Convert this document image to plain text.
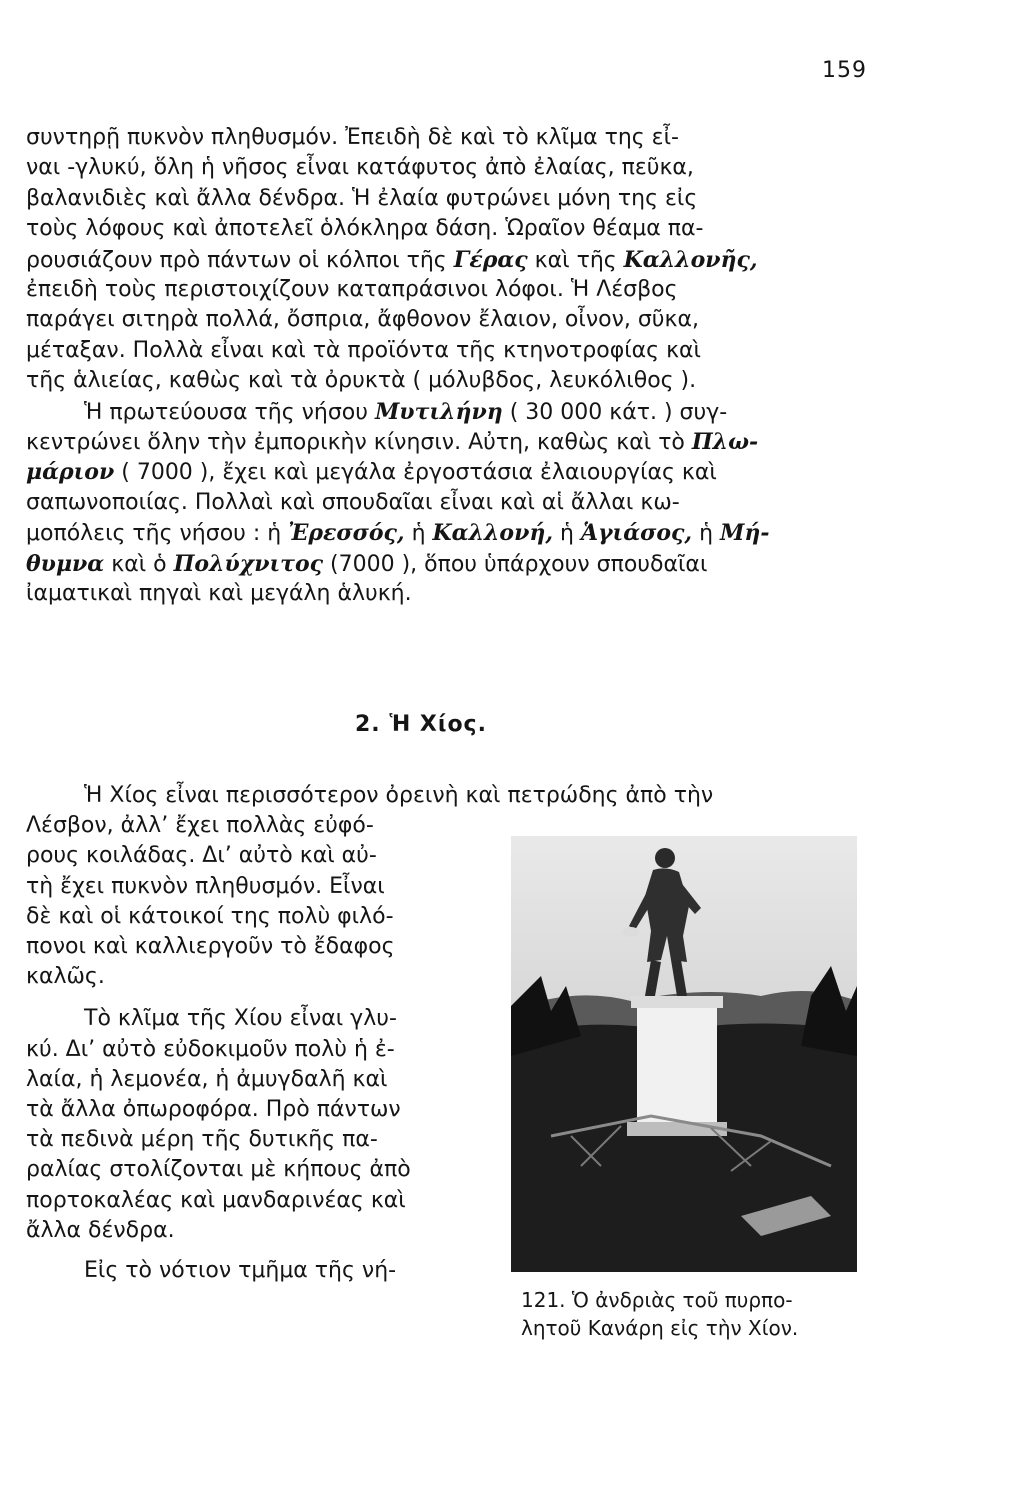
159
συντηρῇ πυκνὸν πληθυσμόν. Ἐπειδὴ δὲ καὶ τὸ κλῖμα της εἶ-
ναι -γλυκύ, ὅλη ἡ νῆσος εἶναι κατάφυτος ἀπὸ ἐλαίας, πεῦκα,
βαλανιδιὲς καὶ ἄλλα δένδρα. Ἡ ἐλαία φυτρώνει μόνη της εἰς
τοὺς λόφους καὶ ἀποτελεῖ ὁλόκληρα δάση. Ὡραῖον θέαμα πα-
ρουσιάζουν πρὸ πάντων οἱ κόλποι τῆς Γέρας καὶ τῆς Καλλονῆς,
ἐπειδὴ τοὺς περιστοιχίζουν καταπράσινοι λόφοι. Ἡ Λέσβος
παράγει σιτηρὰ πολλά, ὄσπρια, ἄφθονον ἔλαιον, οἶνον, σῦκα,
μέταξαν. Πολλὰ εἶναι καὶ τὰ προϊόντα τῆς κτηνοτροφίας καὶ
τῆς ἁλιείας, καθὼς καὶ τὰ ὀρυκτὰ ( μόλυβδος, λευκόλιθος ).
Ἡ πρωτεύουσα τῆς νήσου Μυτιλήνη ( 30 000 κάτ. ) συγ-
κεντρώνει ὅλην τὴν ἐμπορικὴν κίνησιν. Αὐτη, καθὼς καὶ τὸ Πλω-
μάριον ( 7000 ), ἔχει καὶ μεγάλα ἐργοστάσια ἐλαιουργίας καὶ
σαπωνοποιίας. Πολλαὶ καὶ σπουδαῖαι εἶναι καὶ αἱ ἄλλαι κω-
μοπόλεις τῆς νήσου : ἡ Ἐρεσσός, ἡ Καλλονή, ἡ Ἁγιάσος, ἡ Μή-
θυμνα καὶ ὁ Πολύχνιτος (7000 ), ὅπου ὑπάρχουν σπουδαῖαι
ἰαματικαὶ πηγαὶ καὶ μεγάλη ἁλυκή.
2. Ἡ Χίος.
Ἡ Χίος εἶναι περισσότερον ὀρεινὴ καὶ πετρώδης ἀπὸ τὴν
Λέσβον, ἀλλ’ ἔχει πολλὰς εὐφό-
ρους κοιλάδας. Δι’ αὐτὸ καὶ αὐ-
τὴ ἔχει πυκνὸν πληθυσμόν. Εἶναι
δὲ καὶ οἱ κάτοικοί της πολὺ φιλό-
πονοι καὶ καλλιεργοῦν τὸ ἔδαφος
καλῶς.
Τὸ κλῖμα τῆς Χίου εἶναι γλυ-
κύ. Δι’ αὐτὸ εὐδοκιμοῦν πολὺ ἡ ἐ-
λαία, ἡ λεμονέα, ἡ ἀμυγδαλῆ καὶ
τὰ ἄλλα ὀπωροφόρα. Πρὸ πάντων
τὰ πεδινὰ μέρη τῆς δυτικῆς πα-
ραλίας στολίζονται μὲ κήπους ἀπὸ
πορτοκαλέας καὶ μανδαρινέας καὶ
ἄλλα δένδρα.
Εἰς τὸ νότιον τμῆμα τῆς νή-
121. Ὁ ἀνδριὰς τοῦ πυρπο-
λητοῦ Κανάρη εἰς τὴν Χίον.
